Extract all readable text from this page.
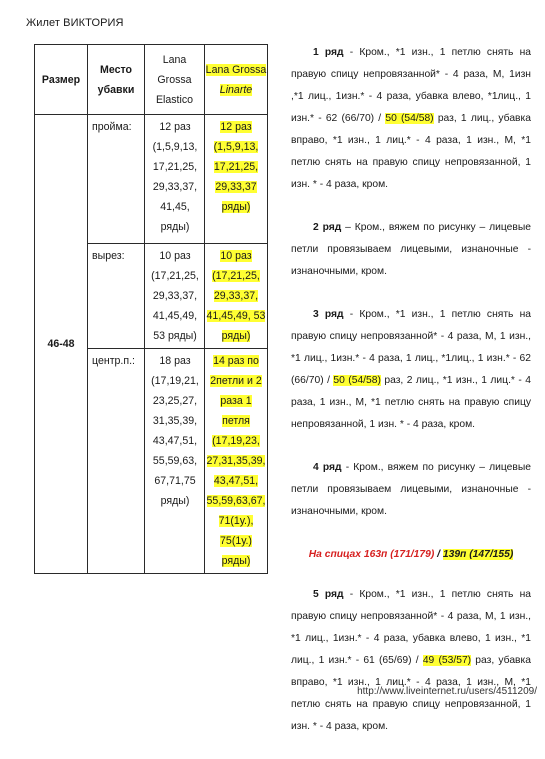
Жилет ВИКТОРИЯ
Размер	Место убавки	Lana Grossa Elastico	Lana Grossa
Linarte
46-48	пройма:	12 раз (1,5,9,13, 17,21,25, 29,33,37, 41,45, ряды)	12 раз (1,5,9,13, 17,21,25, 29,33,37 ряды)
	вырез:	10 раз (17,21,25, 29,33,37, 41,45,49, 53 ряды)	10 раз (17,21,25, 29,33,37, 41,45,49, 53 ряды)
	центр.п.:	18 раз (17,19,21, 23,25,27, 31,35,39, 43,47,51, 55,59,63, 67,71,75 ряды)	14 раз по 2петли и 2 раза 1 петля (17,19,23, 27,31,35,39, 43,47,51, 55,59,63,67, 71(1у.), 75(1у.) ряды)

1 ряд - Кром., *1 изн., 1 петлю снять на правую спицу непровязанной* - 4 раза, М, 1изн ,*1 лиц., 1изн.* - 4 раза, убавка влево, *1лиц., 1 изн.* - 62 (66/70) / 50 (54/58) раз, 1 лиц., убавка вправо, *1 изн., 1 лиц.* - 4 раза, 1 изн., М, *1 петлю снять на правую спицу непровязанной, 1 изн. * - 4 раза, кром.

2 ряд – Кром., вяжем по рисунку – лицевые петли провязываем лицевыми, изнаночные - изнаночными, кром.

3 ряд - Кром., *1 изн., 1 петлю снять на правую спицу непровязанной* - 4 раза, М, 1 изн., *1 лиц., 1изн.* - 4 раза, 1 лиц., *1лиц., 1 изн.* - 62 (66/70) / 50 (54/58) раз, 2 лиц., *1 изн., 1 лиц.* - 4 раза, 1 изн., М, *1 петлю снять на правую спицу непровязанной, 1 изн. * - 4 раза, кром.

4 ряд - Кром., вяжем по рисунку – лицевые петли провязываем лицевыми, изнаночные - изнаночными, кром.

На спицах 163п (171/179) / 139п (147/155)

5 ряд - Кром., *1 изн., 1 петлю снять на правую спицу непровязанной* - 4 раза, М, 1 изн., *1 лиц., 1изн.* - 4 раза, убавка влево, 1 изн., *1 лиц., 1 изн.* - 61 (65/69) / 49 (53/57) раз, убавка вправо, *1 изн., 1 лиц.* - 4 раза, 1 изн., М, *1 петлю снять на правую спицу непровязанной, 1 изн. * - 4 раза, кром.

http://www.liveinternet.ru/users/4511209/
